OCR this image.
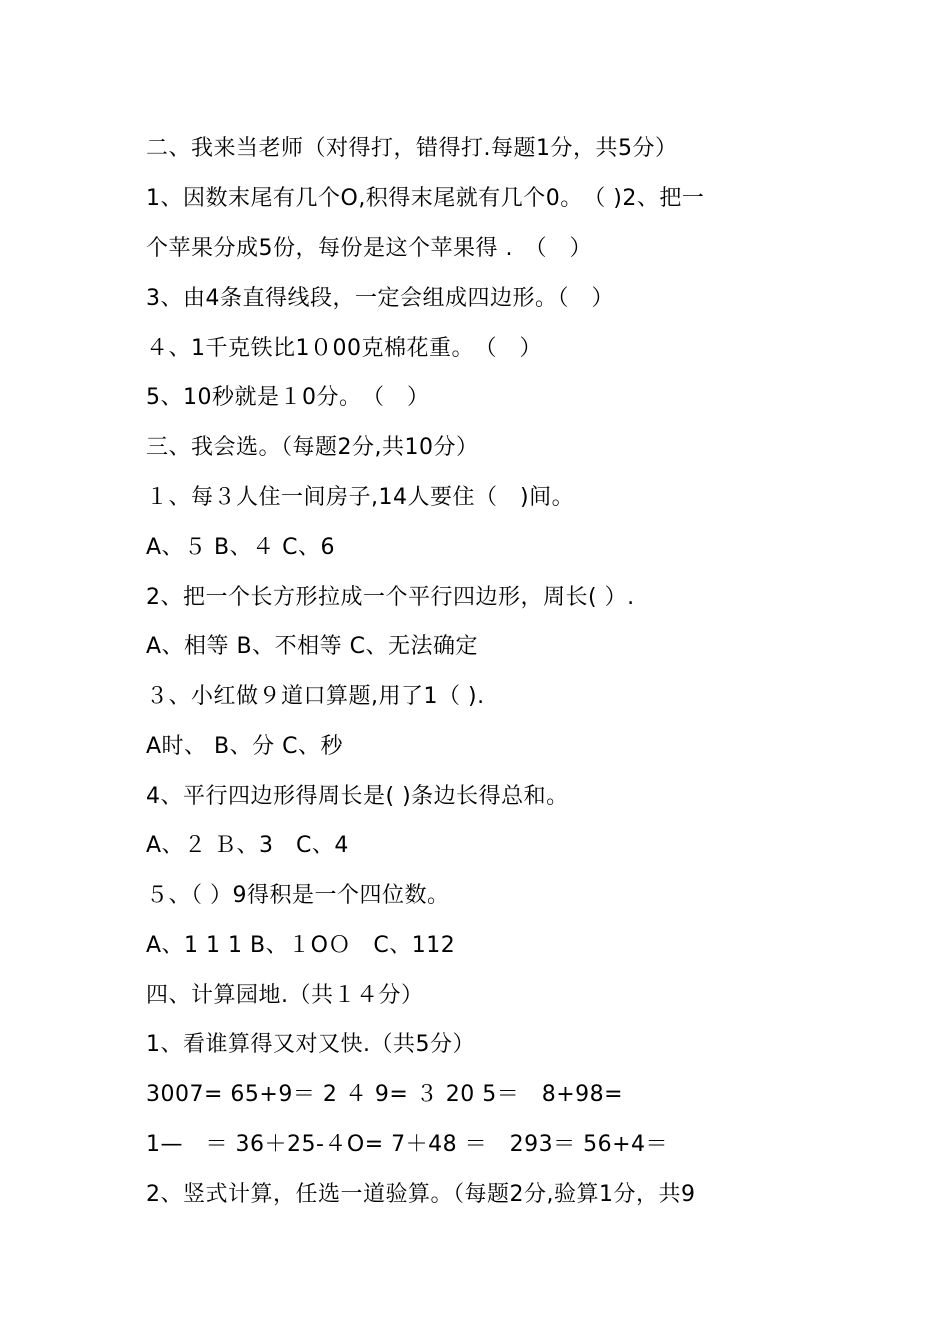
二、我来当老师（对得打，错得打.每题1分，共5分）
1、因数末尾有几个O,积得末尾就有几个0。　（ )2、把一
个苹果分成5份，每份是这个苹果得 .　（　）
3、由4条直得线段，一定会组成四边形。（　）
４、1千克铁比1０00克棉花重。　（　）
5、10秒就是１0分。　（　）
三、我会选。（每题2分,共10分）
１、每３人住一间房子,14人要住（　)间。
A、５ B、４ C、6
2、把一个长方形拉成一个平行四边形，周长( ）.
A、相等 B、不相等 C、无法确定
３、小红做９道口算题,用了1（ ).
A时、 B、分 C、秒
4、平行四边形得周长是( )条边长得总和。
A、２ Ｂ、3　C、4
５、（ ）9得积是一个四位数。
A、1 1 1 B、１OＯ　C、112
四、计算园地.（共１４分）
1、看谁算得又对又快.（共5分）
3007= 65+9＝ 2 ４ 9= ３ 20 5＝　8+98=
1—　＝ 36＋25-４O= 7＋48 ＝　293＝ 56+4＝
2、竖式计算，任选一道验算。（每题2分,验算1分，共9
